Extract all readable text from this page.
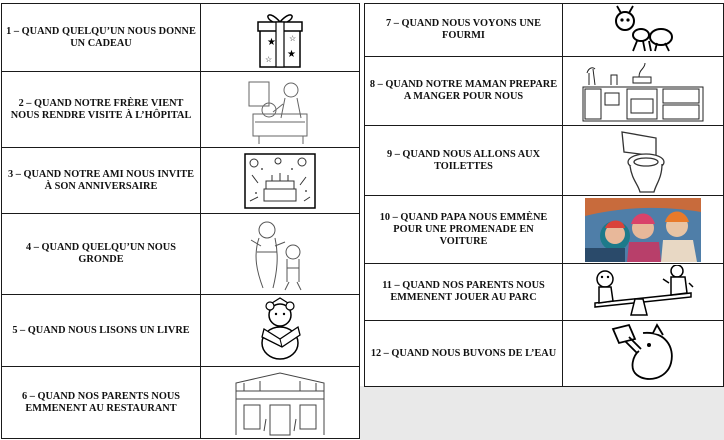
1 – QUAND QUELQU’UN NOUS DONNE UN CADEAU	★
★
☆
☆

2 – QUAND NOTRE FRÈRE VIENT NOUS RENDRE VISITE À L’HÔPITAL	

3 – QUAND NOTRE AMI NOUS INVITE À SON ANNIVERSAIRE	

4 – QUAND QUELQU’UN NOUS GRONDE	

5 – QUAND NOUS LISONS UN LIVRE	

6 – QUAND NOS PARENTS NOUS EMMENENT AU RESTAURANT	
7 – QUAND NOUS VOYONS UNE FOURMI	

8 – QUAND NOTRE MAMAN PREPARE A MANGER POUR NOUS	

9 – QUAND NOUS ALLONS AUX TOILETTES	

10 – QUAND PAPA NOUS EMMÈNE POUR UNE PROMENADE EN VOITURE	

11 – QUAND NOS PARENTS NOUS EMMENENT JOUER AU PARC	

12 – QUAND NOUS BUVONS DE L’EAU	
